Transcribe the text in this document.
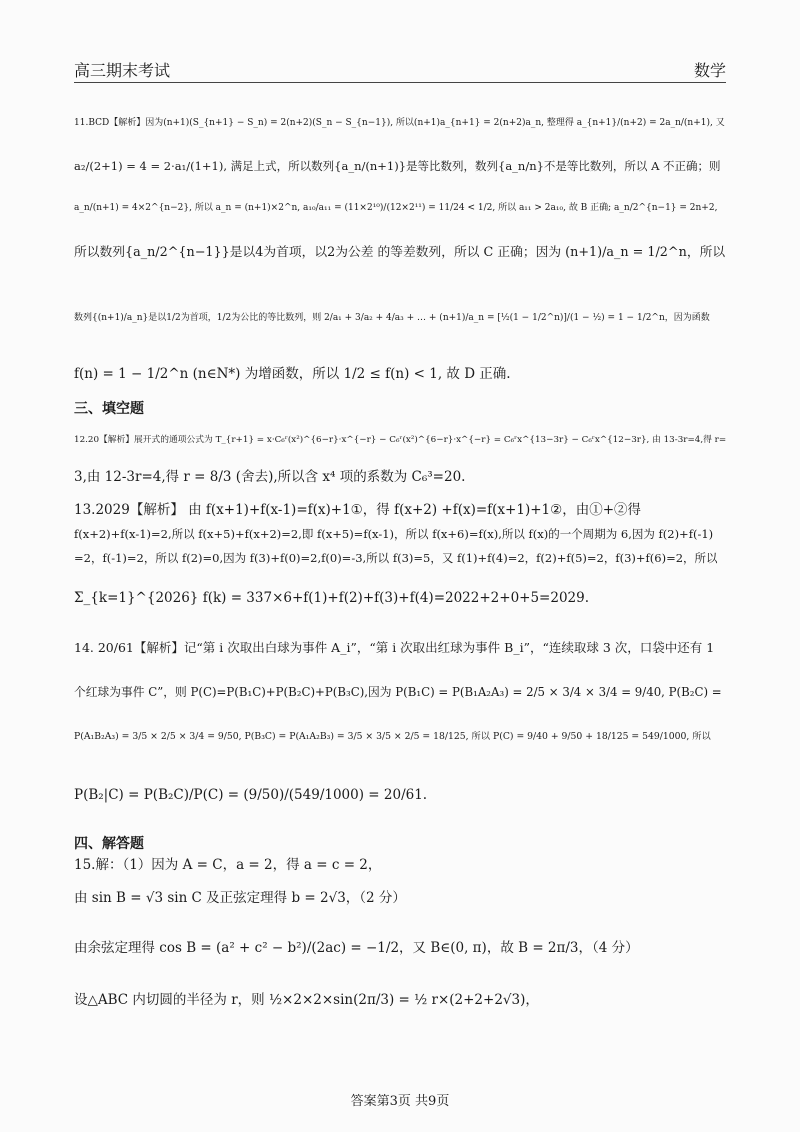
高三期末考试	数学
11.BCD【解析】因为(n+1)(S_{n+1} − S_n) = 2(n+2)(S_n − S_{n−1}), 所以(n+1)a_{n+1} = 2(n+2)a_n, 整理得 a_{n+1}/(n+2) = 2a_n/(n+1), 又
a₂/(2+1) = 4 = 2·a₁/(1+1), 满足上式，所以数列{a_n/(n+1)}是等比数列，数列{a_n/n}不是等比数列，所以 A 不正确；则
a_n/(n+1) = 4×2^{n−2}, 所以 a_n = (n+1)×2^n, a₁₀/a₁₁ = (11×2¹⁰)/(12×2¹¹) = 11/24 < 1/2, 所以 a₁₁ > 2a₁₀, 故 B 正确; a_n/2^{n−1} = 2n+2,
所以数列{a_n/2^{n−1}}是以4为首项，以2为公差 的等差数列，所以 C 正确；因为 (n+1)/a_n = 1/2^n，所以
数列{(n+1)/a_n}是以1/2为首项，1/2为公比的等比数列，则 2/a₁ + 3/a₂ + 4/a₃ + … + (n+1)/a_n = [½(1 − 1/2^n)]/(1 − ½) = 1 − 1/2^n，因为函数
f(n) = 1 − 1/2^n (n∈N*) 为增函数，所以 1/2 ≤ f(n) < 1, 故 D 正确.
三、填空题
12.20【解析】展开式的通项公式为 T_{r+1} = x·C₆ʳ(x²)^{6−r}·x^{−r} − C₆ʳ(x²)^{6−r}·x^{−r} = C₆ʳx^{13−3r} − C₆ʳx^{12−3r}, 由 13-3r=4,得 r=
3,由 12-3r=4,得 r = 8/3 (舍去),所以含 x⁴ 项的系数为 C₆³=20.
13.2029【解析】 由 f(x+1)+f(x-1)=f(x)+1①，得 f(x+2) +f(x)=f(x+1)+1②，由①+②得
f(x+2)+f(x-1)=2,所以 f(x+5)+f(x+2)=2,即 f(x+5)=f(x-1)，所以 f(x+6)=f(x),所以 f(x)的一个周期为 6,因为 f(2)+f(-1)
=2，f(-1)=2，所以 f(2)=0,因为 f(3)+f(0)=2,f(0)=-3,所以 f(3)=5，又 f(1)+f(4)=2，f(2)+f(5)=2，f(3)+f(6)=2，所以
Σ_{k=1}^{2026} f(k) = 337×6+f(1)+f(2)+f(3)+f(4)=2022+2+0+5=2029.
14. 20/61【解析】记“第 i 次取出白球为事件 A_i”，“第 i 次取出红球为事件 B_i”，“连续取球 3 次，口袋中还有 1
个红球为事件 C”，则 P(C)=P(B₁C)+P(B₂C)+P(B₃C),因为 P(B₁C) = P(B₁A₂A₃) = 2/5 × 3/4 × 3/4 = 9/40, P(B₂C) =
P(A₁B₂A₃) = 3/5 × 2/5 × 3/4 = 9/50, P(B₃C) = P(A₁A₂B₃) = 3/5 × 3/5 × 2/5 = 18/125, 所以 P(C) = 9/40 + 9/50 + 18/125 = 549/1000, 所以
P(B₂|C) = P(B₂C)/P(C) = (9/50)/(549/1000) = 20/61.
四、解答题
15.解：（1）因为 A = C，a = 2，得 a = c = 2，
由 sin B = √3 sin C 及正弦定理得 b = 2√3，（2 分）
由余弦定理得 cos B = (a² + c² − b²)/(2ac) = −1/2，又 B∈(0, π)，故 B = 2π/3，（4 分）
设△ABC 内切圆的半径为 r，则 ½×2×2×sin(2π/3) = ½ r×(2+2+2√3)，
答案第3页 共9页
